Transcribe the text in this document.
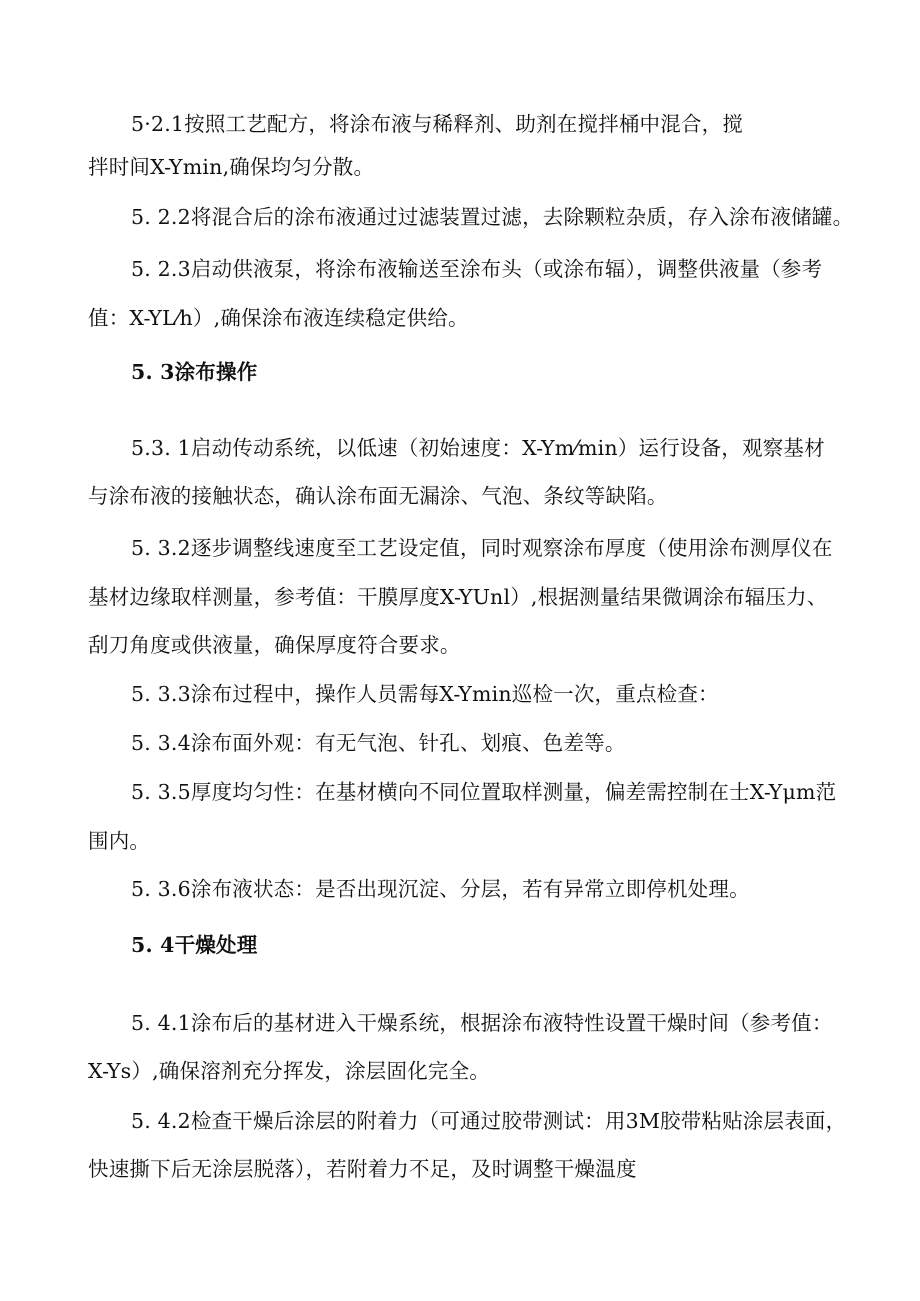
5·2.1按照工艺配方，将涂布液与稀释剂、助剂在搅拌桶中混合，搅
拌时间X-Ymin,确保均匀分散。
5. 2.2将混合后的涂布液通过过滤装置过滤，去除颗粒杂质，存入涂布液储罐。
5. 2.3启动供液泵，将涂布液输送至涂布头（或涂布辐），调整供液量（参考
值：X-YL⁄h）,确保涂布液连续稳定供给。
5. 3涂布操作
5.3. 1启动传动系统，以低速（初始速度：X-Ym⁄min）运行设备，观察基材
与涂布液的接触状态，确认涂布面无漏涂、气泡、条纹等缺陷。
5. 3.2逐步调整线速度至工艺设定值，同时观察涂布厚度（使用涂布测厚仪在
基材边缘取样测量，参考值：干膜厚度X-YUnl）,根据测量结果微调涂布辐压力、
刮刀角度或供液量，确保厚度符合要求。
5. 3.3涂布过程中，操作人员需每X-Ymin巡检一次，重点检查：
5. 3.4涂布面外观：有无气泡、针孔、划痕、色差等。
5. 3.5厚度均匀性：在基材横向不同位置取样测量，偏差需控制在士X-Yμm范
围内。
5. 3.6涂布液状态：是否出现沉淀、分层，若有异常立即停机处理。
5. 4干燥处理
5. 4.1涂布后的基材进入干燥系统，根据涂布液特性设置干燥时间（参考值：
X-Ys）,确保溶剂充分挥发，涂层固化完全。
5. 4.2检查干燥后涂层的附着力（可通过胶带测试：用3M胶带粘贴涂层表面，
快速撕下后无涂层脱落），若附着力不足，及时调整干燥温度
